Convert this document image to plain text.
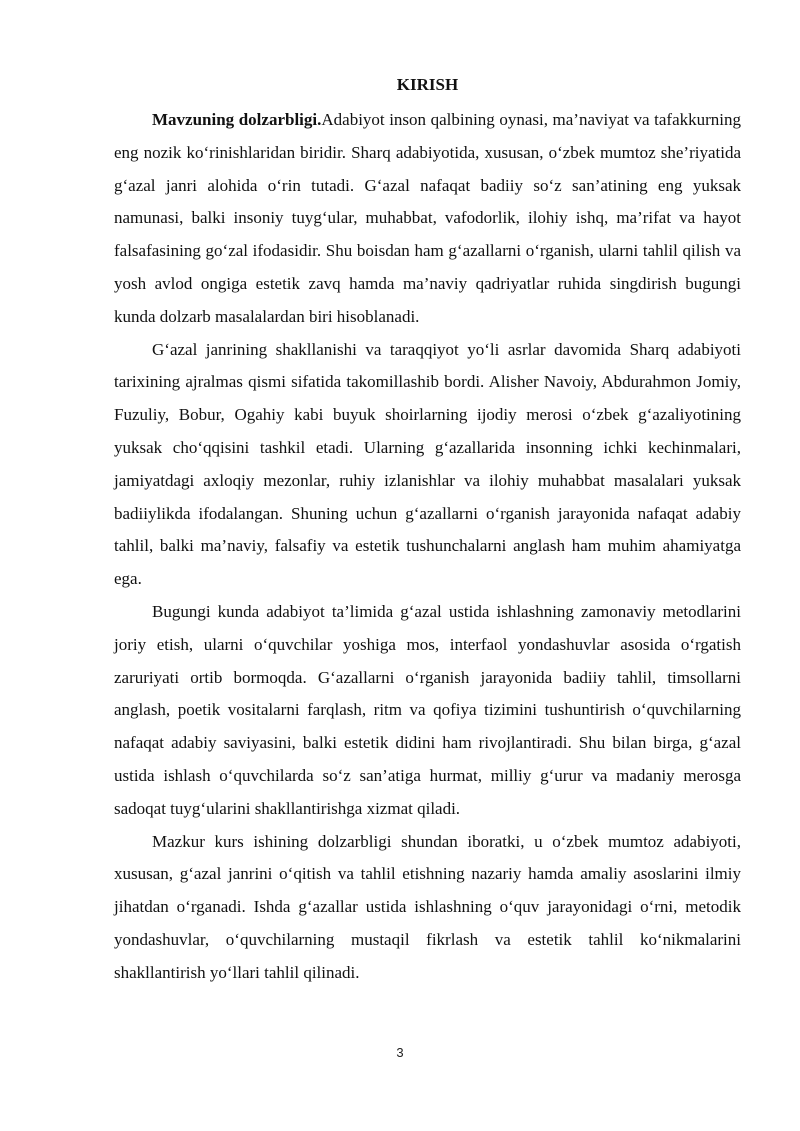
KIRISH

Mavzuning dolzarbligi.Adabiyot inson qalbining oynasi, ma’naviyat va tafakkurning eng nozik ko‘rinishlaridan biridir. Sharq adabiyotida, xususan, o‘zbek mumtoz she’riyatida g‘azal janri alohida o‘rin tutadi. G‘azal nafaqat badiiy so‘z san’atining eng yuksak namunasi, balki insoniy tuyg‘ular, muhabbat, vafodorlik, ilohiy ishq, ma’rifat va hayot falsafasining go‘zal ifodasidir. Shu boisdan ham g‘azallarni o‘rganish, ularni tahlil qilish va yosh avlod ongiga estetik zavq hamda ma’naviy qadriyatlar ruhida singdirish bugungi kunda dolzarb masalalardan biri hisoblanadi.

G‘azal janrining shakllanishi va taraqqiyot yo‘li asrlar davomida Sharq adabiyoti tarixining ajralmas qismi sifatida takomillashib bordi. Alisher Navoiy, Abdurahmon Jomiy, Fuzuliy, Bobur, Ogahiy kabi buyuk shoirlarning ijodiy merosi o‘zbek g‘azaliyotining yuksak cho‘qqisini tashkil etadi. Ularning g‘azallarida insonning ichki kechinmalari, jamiyatdagi axloqiy mezonlar, ruhiy izlanishlar va ilohiy muhabbat masalalari yuksak badiiylikda ifodalangan. Shuning uchun g‘azallarni o‘rganish jarayonida nafaqat adabiy tahlil, balki ma’naviy, falsafiy va estetik tushunchalarni anglash ham muhim ahamiyatga ega.

Bugungi kunda adabiyot ta’limida g‘azal ustida ishlashning zamonaviy metodlarini joriy etish, ularni o‘quvchilar yoshiga mos, interfaol yondashuvlar asosida o‘rgatish zaruriyati ortib bormoqda. G‘azallarni o‘rganish jarayonida badiiy tahlil, timsollarni anglash, poetik vositalarni farqlash, ritm va qofiya tizimini tushuntirish o‘quvchilarning nafaqat adabiy saviyasini, balki estetik didini ham rivojlantiradi. Shu bilan birga, g‘azal ustida ishlash o‘quvchilarda so‘z san’atiga hurmat, milliy g‘urur va madaniy merosga sadoqat tuyg‘ularini shakllantirishga xizmat qiladi.

Mazkur kurs ishining dolzarbligi shundan iboratki, u o‘zbek mumtoz adabiyoti, xususan, g‘azal janrini o‘qitish va tahlil etishning nazariy hamda amaliy asoslarini ilmiy jihatdan o‘rganadi. Ishda g‘azallar ustida ishlashning o‘quv jarayonidagi o‘rni, metodik yondashuvlar, o‘quvchilarning mustaqil fikrlash va estetik tahlil ko‘nikmalarini shakllantirish yo‘llari tahlil qilinadi.

3
